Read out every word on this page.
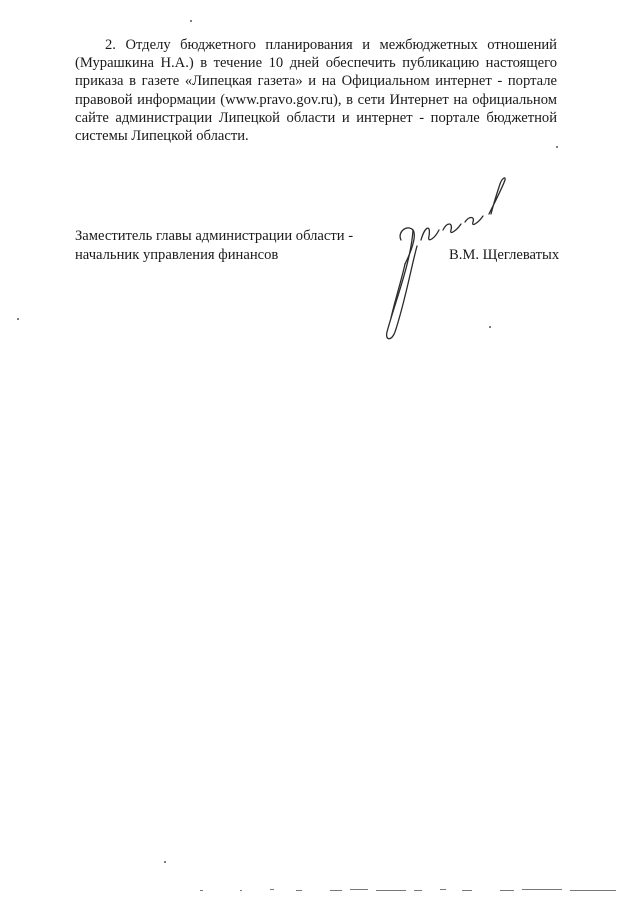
2. Отделу бюджетного планирования и межбюджетных отношений (Мурашкина Н.А.) в течение 10 дней обеспечить публикацию настоящего приказа в газете «Липецкая газета» и на Официальном интернет - портале правовой информации (www.pravo.gov.ru), в сети Интернет на официальном сайте администрации Липецкой области и интернет - портале бюджетной системы Липецкой области.

Заместитель главы администрации области -
начальник управления финансов	В.М. Щеглеватых
